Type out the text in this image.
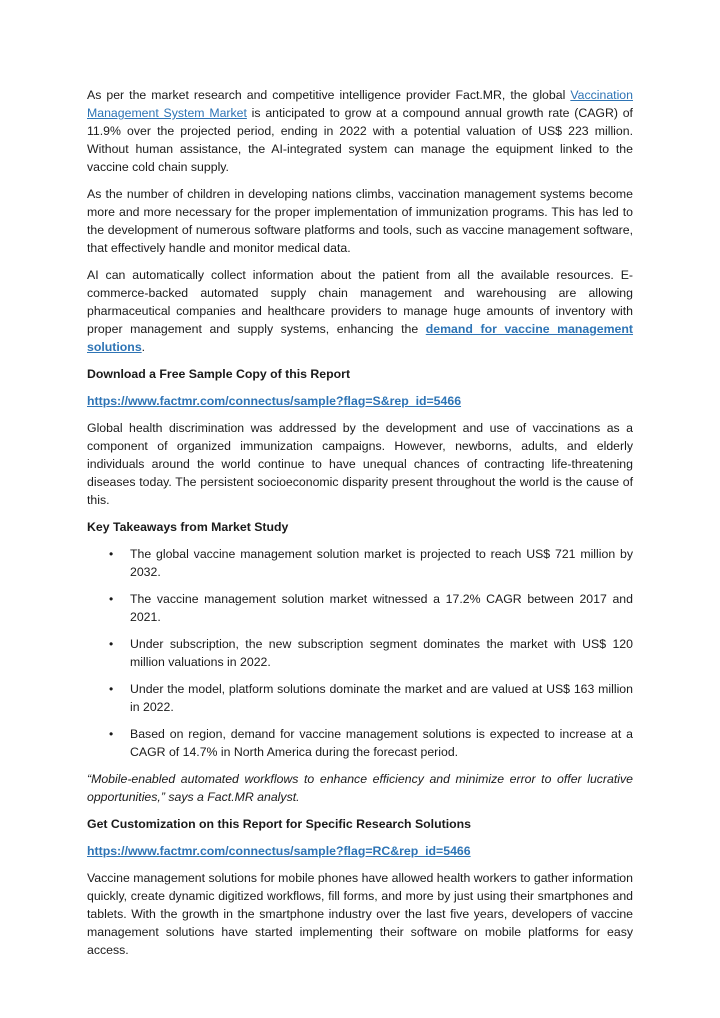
As per the market research and competitive intelligence provider Fact.MR, the global Vaccination Management System Market is anticipated to grow at a compound annual growth rate (CAGR) of 11.9% over the projected period, ending in 2022 with a potential valuation of US$ 223 million. Without human assistance, the AI-integrated system can manage the equipment linked to the vaccine cold chain supply.

As the number of children in developing nations climbs, vaccination management systems become more and more necessary for the proper implementation of immunization programs. This has led to the development of numerous software platforms and tools, such as vaccine management software, that effectively handle and monitor medical data.

AI can automatically collect information about the patient from all the available resources. E-commerce-backed automated supply chain management and warehousing are allowing pharmaceutical companies and healthcare providers to manage huge amounts of inventory with proper management and supply systems, enhancing the demand for vaccine management solutions.

Download a Free Sample Copy of this Report

https://www.factmr.com/connectus/sample?flag=S&rep_id=5466

Global health discrimination was addressed by the development and use of vaccinations as a component of organized immunization campaigns. However, newborns, adults, and elderly individuals around the world continue to have unequal chances of contracting life-threatening diseases today. The persistent socioeconomic disparity present throughout the world is the cause of this.

Key Takeaways from Market Study

• The global vaccine management solution market is projected to reach US$ 721 million by 2032.
• The vaccine management solution market witnessed a 17.2% CAGR between 2017 and 2021.
• Under subscription, the new subscription segment dominates the market with US$ 120 million valuations in 2022.
• Under the model, platform solutions dominate the market and are valued at US$ 163 million in 2022.
• Based on region, demand for vaccine management solutions is expected to increase at a CAGR of 14.7% in North America during the forecast period.

“Mobile-enabled automated workflows to enhance efficiency and minimize error to offer lucrative opportunities,” says a Fact.MR analyst.

Get Customization on this Report for Specific Research Solutions

https://www.factmr.com/connectus/sample?flag=RC&rep_id=5466

Vaccine management solutions for mobile phones have allowed health workers to gather information quickly, create dynamic digitized workflows, fill forms, and more by just using their smartphones and tablets. With the growth in the smartphone industry over the last five years, developers of vaccine management solutions have started implementing their software on mobile platforms for easy access.
